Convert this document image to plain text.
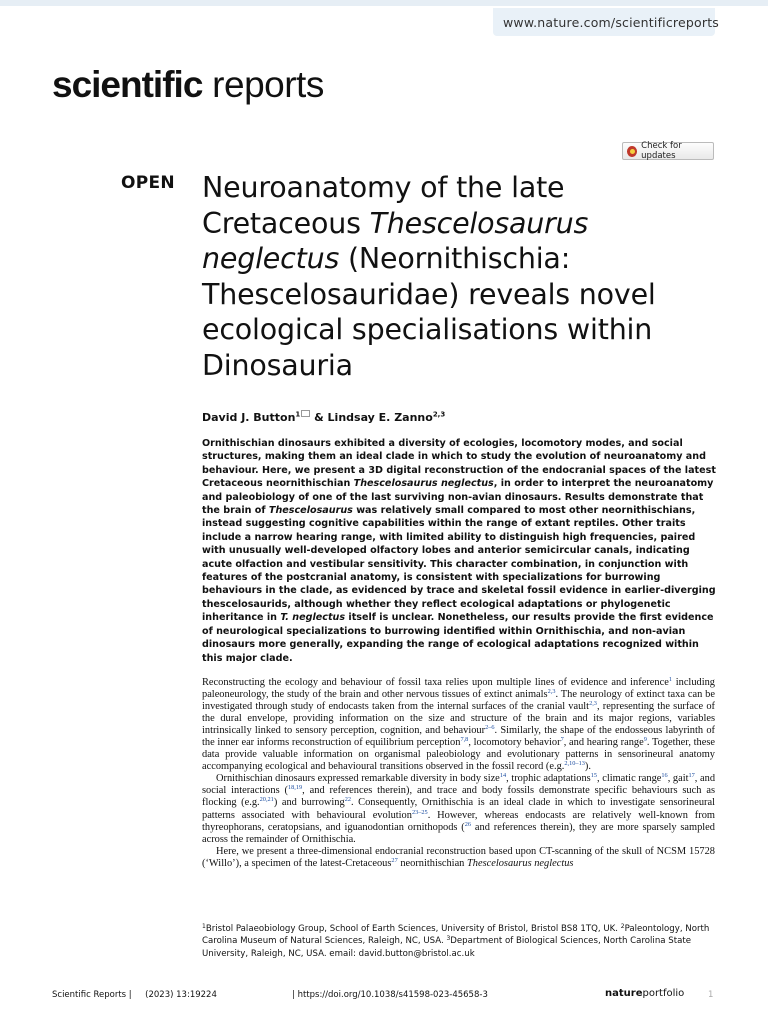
www.nature.com/scientificreports
scientific reports
Check for updates
OPEN Neuroanatomy of the late Cretaceous Thescelosaurus neglectus (Neornithischia: Thescelosauridae) reveals novel ecological specialisations within Dinosauria
David J. Button$^1$ & Lindsay E. Zanno$^{2,3}$
Ornithischian dinosaurs exhibited a diversity of ecologies, locomotory modes, and social structures, making them an ideal clade in which to study the evolution of neuroanatomy and behaviour. Here, we present a 3D digital reconstruction of the endocranial spaces of the latest Cretaceous neornithischian Thescelosaurus neglectus, in order to interpret the neuroanatomy and paleobiology of one of the last surviving non-avian dinosaurs. Results demonstrate that the brain of Thescelosaurus was relatively small compared to most other neornithischians, instead suggesting cognitive capabilities within the range of extant reptiles. Other traits include a narrow hearing range, with limited ability to distinguish high frequencies, paired with unusually well-developed olfactory lobes and anterior semicircular canals, indicating acute olfaction and vestibular sensitivity. This character combination, in conjunction with features of the postcranial anatomy, is consistent with specializations for burrowing behaviours in the clade, as evidenced by trace and skeletal fossil evidence in earlier-diverging thescelosaurids, although whether they reflect ecological adaptations or phylogenetic inheritance in T. neglectus itself is unclear. Nonetheless, our results provide the first evidence of neurological specializations to burrowing identified within Ornithischia, and non-avian dinosaurs more generally, expanding the range of ecological adaptations recognized within this major clade.

Reconstructing the ecology and behaviour of fossil taxa relies upon multiple lines of evidence and inference$^1$ including paleoneurology, the study of the brain and other nervous tissues of extinct animals$^{2,3}$. The neurology of extinct taxa can be investigated through study of endocasts taken from the internal surfaces of the cranial vault$^{2,3}$, representing the surface of the dural envelope, providing information on the size and structure of the brain and its major regions, variables intrinsically linked to sensory perception, cognition, and behaviour$^{2-6}$. Similarly, the shape of the endosseous labyrinth of the inner ear informs reconstruction of equilibrium perception$^{7,8}$, locomotory behavior$^7$, and hearing range$^9$. Together, these data provide valuable information on organismal paleobiology and evolutionary patterns in sensorineural anatomy accompanying ecological and behavioural transitions observed in the fossil record (e.g.$^{2,10-13}$).

Ornithischian dinosaurs expressed remarkable diversity in body size$^{14}$, trophic adaptations$^{15}$, climatic range$^{16}$, gait$^{17}$, and social interactions ($^{18,19}$, and references therein), and trace and body fossils demonstrate specific behaviours such as flocking (e.g.$^{20,21}$) and burrowing$^{22}$. Consequently, Ornithischia is an ideal clade in which to investigate sensorineural patterns associated with behavioural evolution$^{23-25}$. However, whereas endocasts are relatively well-known from thyreophorans, ceratopsians, and iguanodontian ornithopods ($^{26}$ and references therein), they are more sparsely sampled across the remainder of Ornithischia.

Here, we present a three-dimensional endocranial reconstruction based upon CT-scanning of the skull of NCSM 15728 (‘Willo’), a specimen of the latest-Cretaceous$^{27}$ neornithischian Thescelosaurus neglectus

$^1$Bristol Palaeobiology Group, School of Earth Sciences, University of Bristol, Bristol BS8 1TQ, UK. $^2$Paleontology, North Carolina Museum of Natural Sciences, Raleigh, NC, USA. $^3$Department of Biological Sciences, North Carolina State University, Raleigh, NC, USA. email: david.button@bristol.ac.uk
Scientific Reports | (2023) 13:19224	| https://doi.org/10.1038/s41598-023-45658-3	natureportfolio	1
